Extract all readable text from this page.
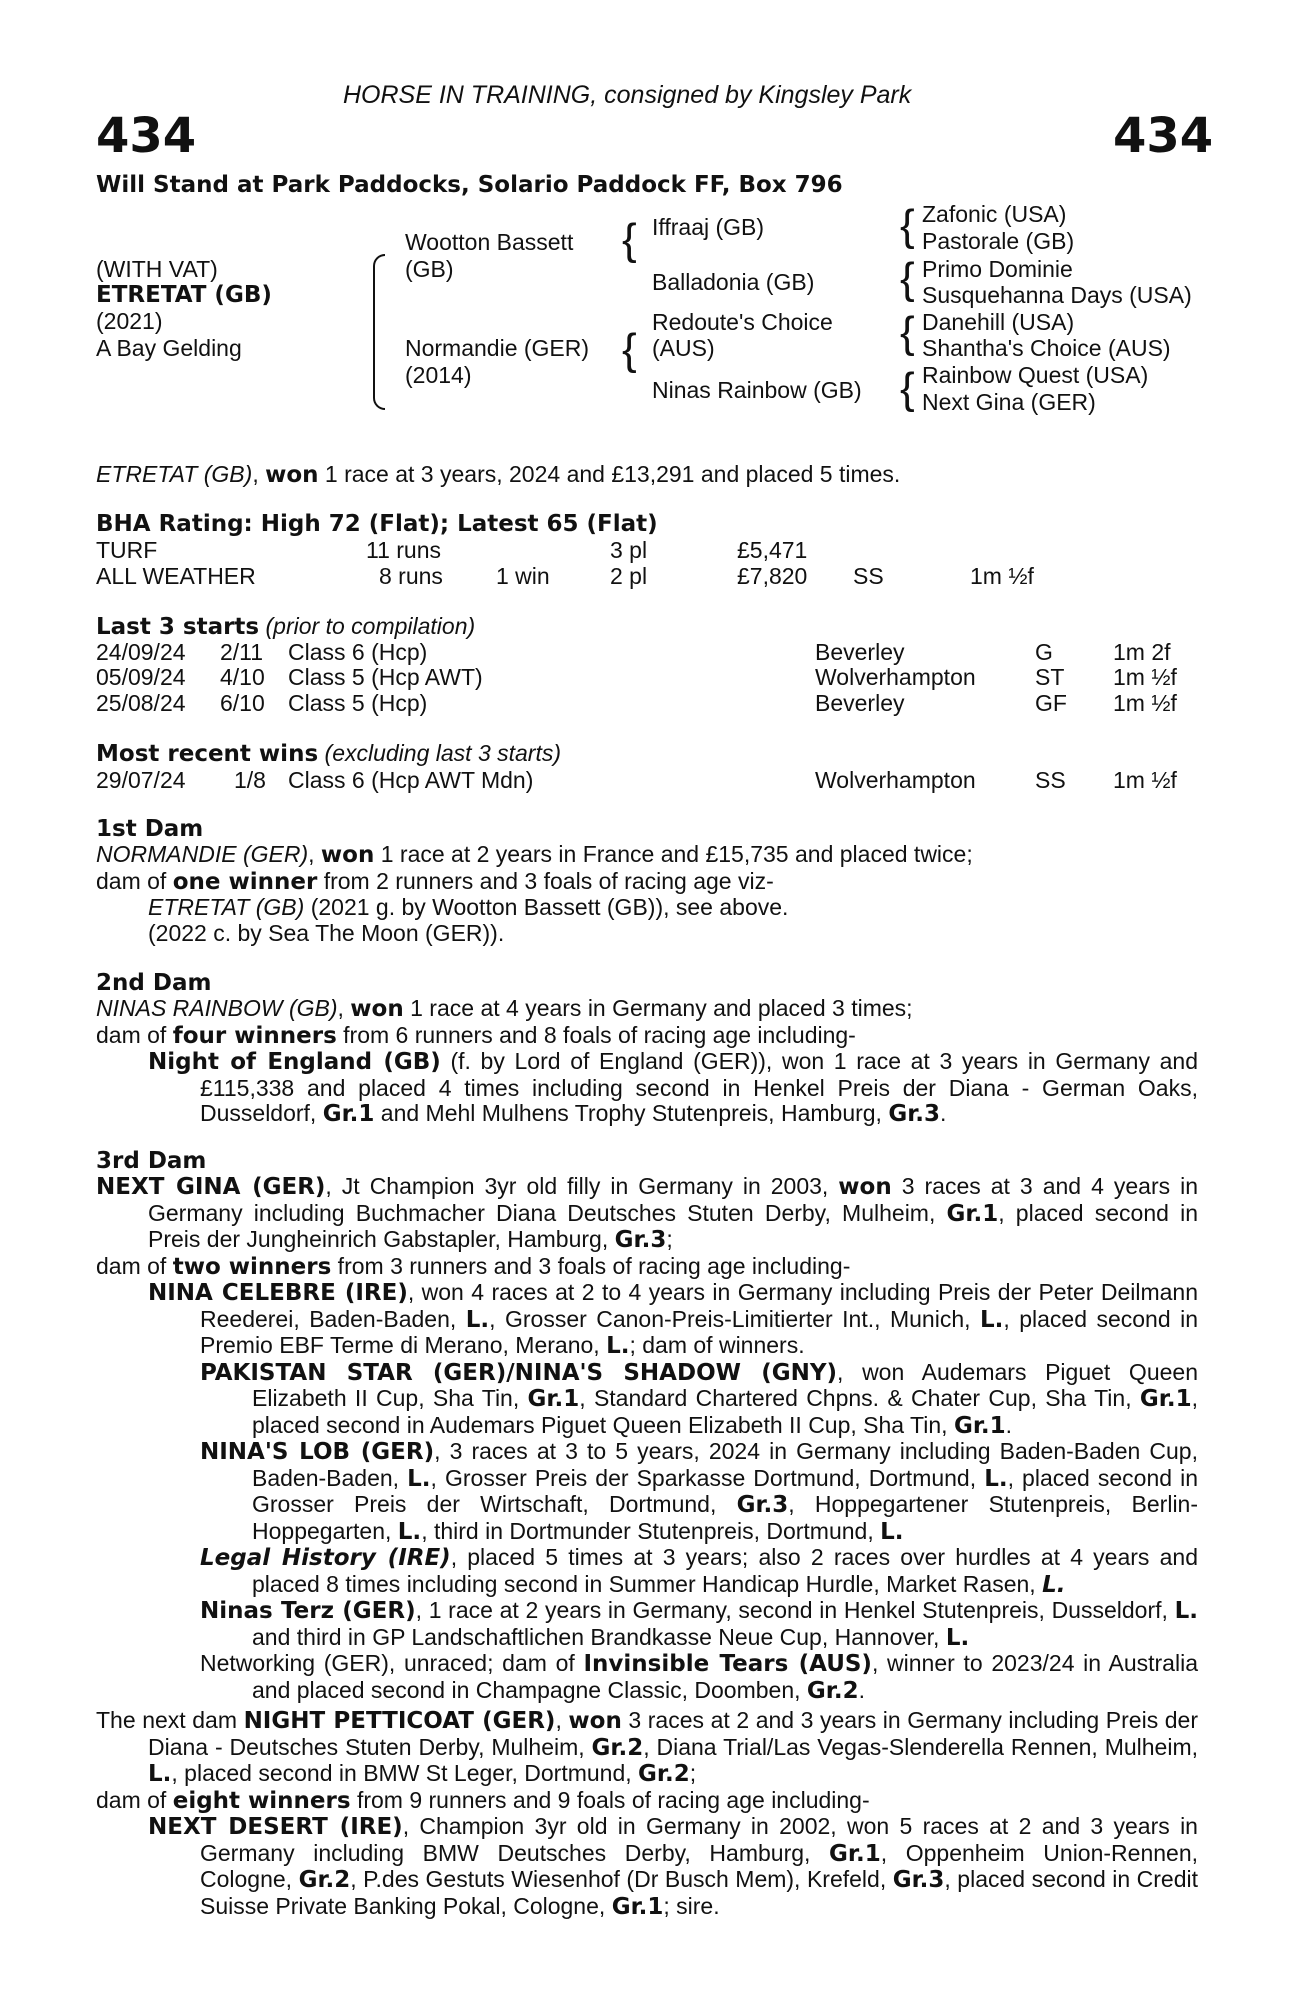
HORSE IN TRAINING, consigned by Kingsley Park
434	434
Will Stand at Park Paddocks, Solario Paddock FF, Box 796
(WITH VAT)
ETRETAT (GB)
(2021)
A Bay Gelding
Wootton Bassett
(GB)
Normandie (GER)
(2014)
{ Iffraaj (GB)
Balladonia (GB)
{
Redoute's Choice
(AUS)
Ninas Rainbow (GB)
{ Zafonic (USA)
Pastorale (GB)
{ Primo Dominie
Susquehanna Days (USA)
{ Danehill (USA)
Shantha's Choice (AUS)
{ Rainbow Quest (USA)
Next Gina (GER)
ETRETAT (GB), won 1 race at 3 years, 2024 and £13,291 and placed 5 times.
BHA Rating: High 72 (Flat); Latest 65 (Flat)
TURF	11 runs	3 pl	£5,471
ALL WEATHER	8 runs 1 win	2 pl	£7,820 SS	1m ½f
Last 3 starts (prior to compilation)
24/09/24 2/11 Class 6 (Hcp)	Beverley	G	1m 2f
05/09/24 4/10 Class 5 (Hcp AWT)	Wolverhampton	ST 1m ½f
25/08/24 6/10 Class 5 (Hcp)	Beverley	GF 1m ½f
Most recent wins (excluding last 3 starts)
29/07/24 1/8 Class 6 (Hcp AWT Mdn)	Wolverhampton	SS 1m ½f
1st Dam

NORMANDIE (GER), won 1 race at 2 years in France and £15,735 and placed twice;

dam of one winner from 2 runners and 3 foals of racing age viz-

ETRETAT (GB) (2021 g. by Wootton Bassett (GB)), see above.

(2022 c. by Sea The Moon (GER)).

2nd Dam

NINAS RAINBOW (GB), won 1 race at 4 years in Germany and placed 3 times;

dam of four winners from 6 runners and 8 foals of racing age including-

Night of England (GB) (f. by Lord of England (GER)), won 1 race at 3 years in Germany and £115,338 and placed 4 times including second in Henkel Preis der Diana - German Oaks, Dusseldorf, Gr.1 and Mehl Mulhens Trophy Stutenpreis, Hamburg, Gr.3.

3rd Dam

NEXT GINA (GER), Jt Champion 3yr old filly in Germany in 2003, won 3 races at 3 and 4 years in Germany including Buchmacher Diana Deutsches Stuten Derby, Mulheim, Gr.1, placed second in Preis der Jungheinrich Gabstapler, Hamburg, Gr.3;

dam of two winners from 3 runners and 3 foals of racing age including-

NINA CELEBRE (IRE), won 4 races at 2 to 4 years in Germany including Preis der Peter Deilmann Reederei, Baden-Baden, L., Grosser Canon-Preis-Limitierter Int., Munich, L., placed second in Premio EBF Terme di Merano, Merano, L.; dam of winners.

PAKISTAN STAR (GER)/NINA'S SHADOW (GNY), won Audemars Piguet Queen Elizabeth II Cup, Sha Tin, Gr.1, Standard Chartered Chpns. & Chater Cup, Sha Tin, Gr.1, placed second in Audemars Piguet Queen Elizabeth II Cup, Sha Tin, Gr.1.

NINA'S LOB (GER), 3 races at 3 to 5 years, 2024 in Germany including Baden-Baden Cup, Baden-Baden, L., Grosser Preis der Sparkasse Dortmund, Dortmund, L., placed second in Grosser Preis der Wirtschaft, Dortmund, Gr.3, Hoppegartener Stutenpreis, Berlin-Hoppegarten, L., third in Dortmunder Stutenpreis, Dortmund, L.

Legal History (IRE), placed 5 times at 3 years; also 2 races over hurdles at 4 years and placed 8 times including second in Summer Handicap Hurdle, Market Rasen, L.

Ninas Terz (GER), 1 race at 2 years in Germany, second in Henkel Stutenpreis, Dusseldorf, L. and third in GP Landschaftlichen Brandkasse Neue Cup, Hannover, L.

Networking (GER), unraced; dam of Invinsible Tears (AUS), winner to 2023/24 in Australia and placed second in Champagne Classic, Doomben, Gr.2.

The next dam NIGHT PETTICOAT (GER), won 3 races at 2 and 3 years in Germany including Preis der Diana - Deutsches Stuten Derby, Mulheim, Gr.2, Diana Trial/Las Vegas-Slenderella Rennen, Mulheim, L., placed second in BMW St Leger, Dortmund, Gr.2;

dam of eight winners from 9 runners and 9 foals of racing age including-

NEXT DESERT (IRE), Champion 3yr old in Germany in 2002, won 5 races at 2 and 3 years in Germany including BMW Deutsches Derby, Hamburg, Gr.1, Oppenheim Union-Rennen, Cologne, Gr.2, P.des Gestuts Wiesenhof (Dr Busch Mem), Krefeld, Gr.3, placed second in Credit Suisse Private Banking Pokal, Cologne, Gr.1; sire.
